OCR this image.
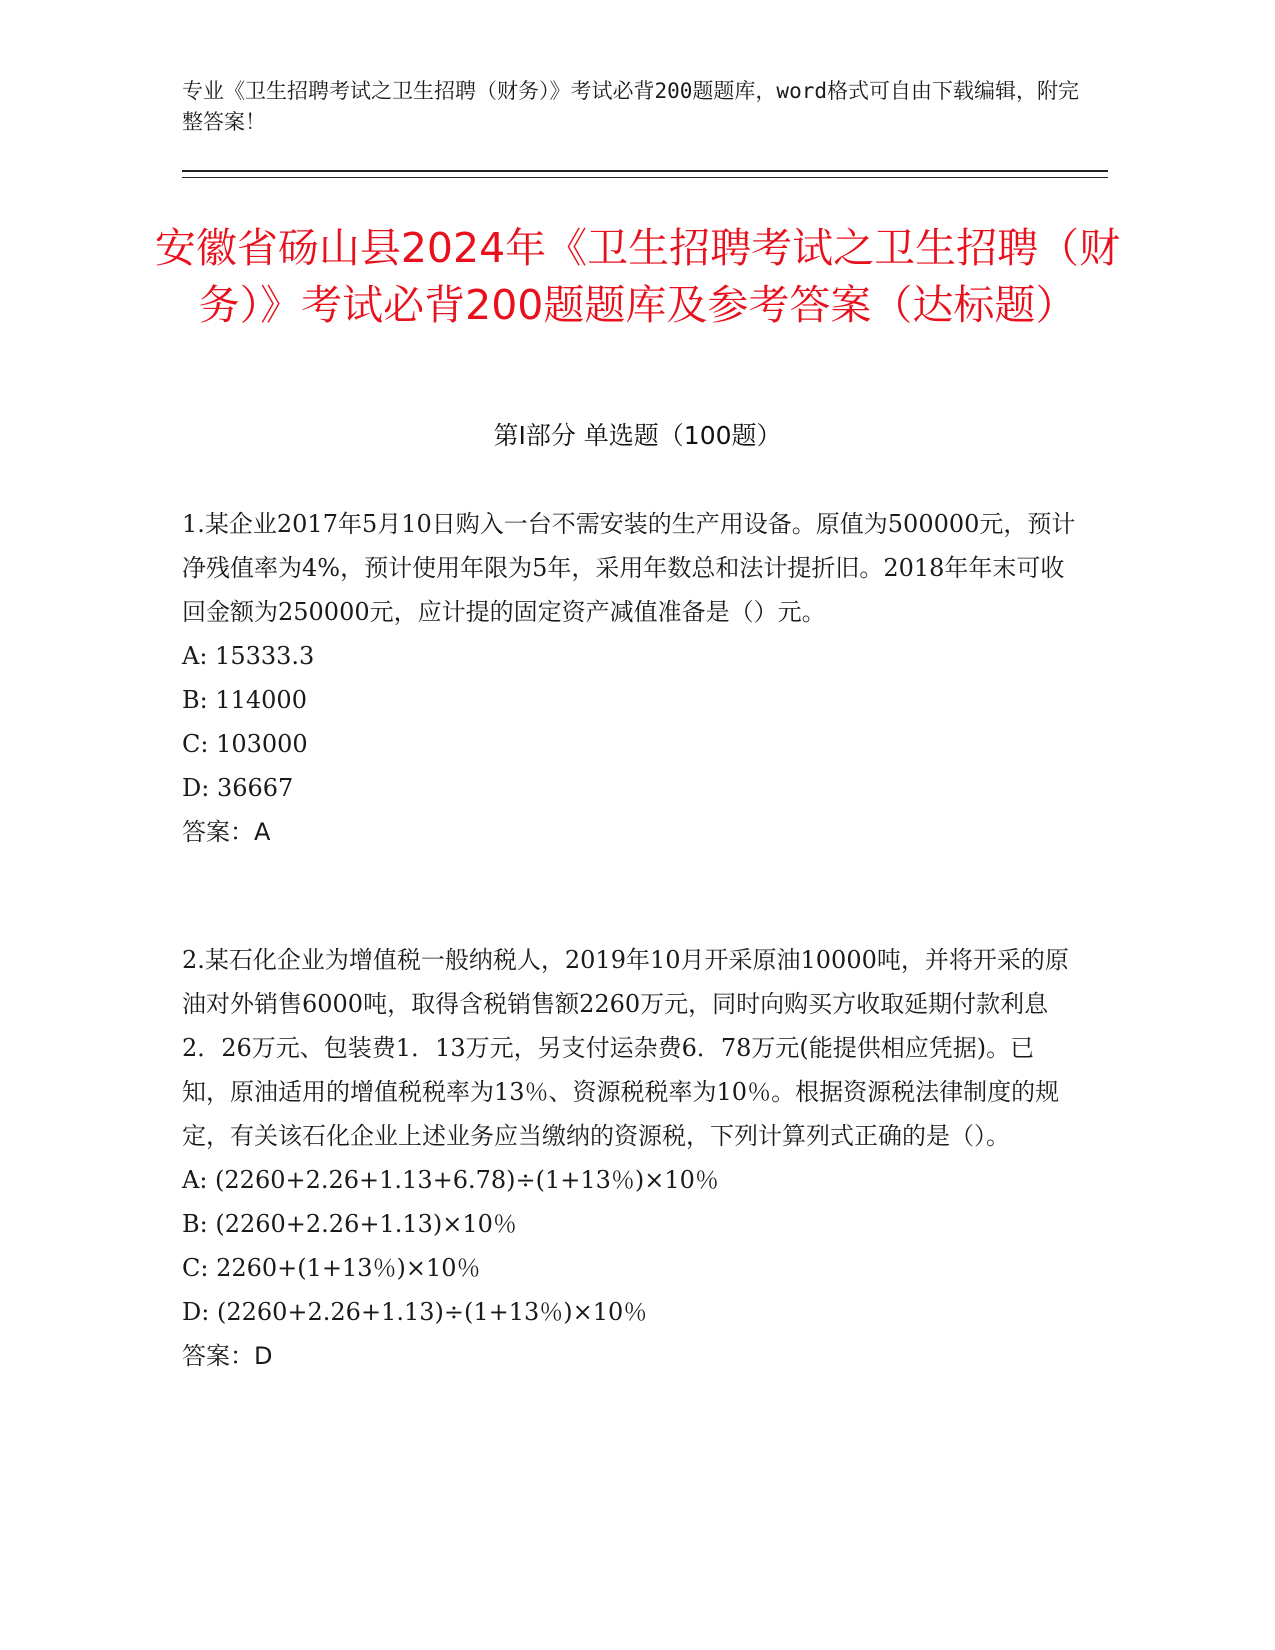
专业《卫生招聘考试之卫生招聘（财务）》考试必背200题题库，word格式可自由下载编辑，附完整答案！
安徽省砀山县2024年《卫生招聘考试之卫生招聘（财务）》考试必背200题题库及参考答案（达标题）
第I部分 单选题（100题）

1.某企业2017年5月10日购入一台不需安装的生产用设备。原值为500000元，预计净残值率为4%，预计使用年限为5年，采用年数总和法计提折旧。2018年年末可收回金额为250000元，应计提的固定资产减值准备是（）元。

A: 15333.3

B: 114000

C: 103000

D: 36667

答案：A

2.某石化企业为增值税一般纳税人，2019年10月开采原油10000吨，并将开采的原油对外销售6000吨，取得含税销售额2260万元，同时向购买方收取延期付款利息2．26万元、包装费1．13万元，另支付运杂费6．78万元(能提供相应凭据)。已知，原油适用的增值税税率为13％、资源税税率为10％。根据资源税法律制度的规定，有关该石化企业上述业务应当缴纳的资源税，下列计算列式正确的是（）。

A: (2260+2.26+1.13+6.78)÷(1+13％)×10％

B: (2260+2.26+1.13)×10％

C: 2260+(1+13％)×10％

D: (2260+2.26+1.13)÷(1+13％)×10％

答案：D
